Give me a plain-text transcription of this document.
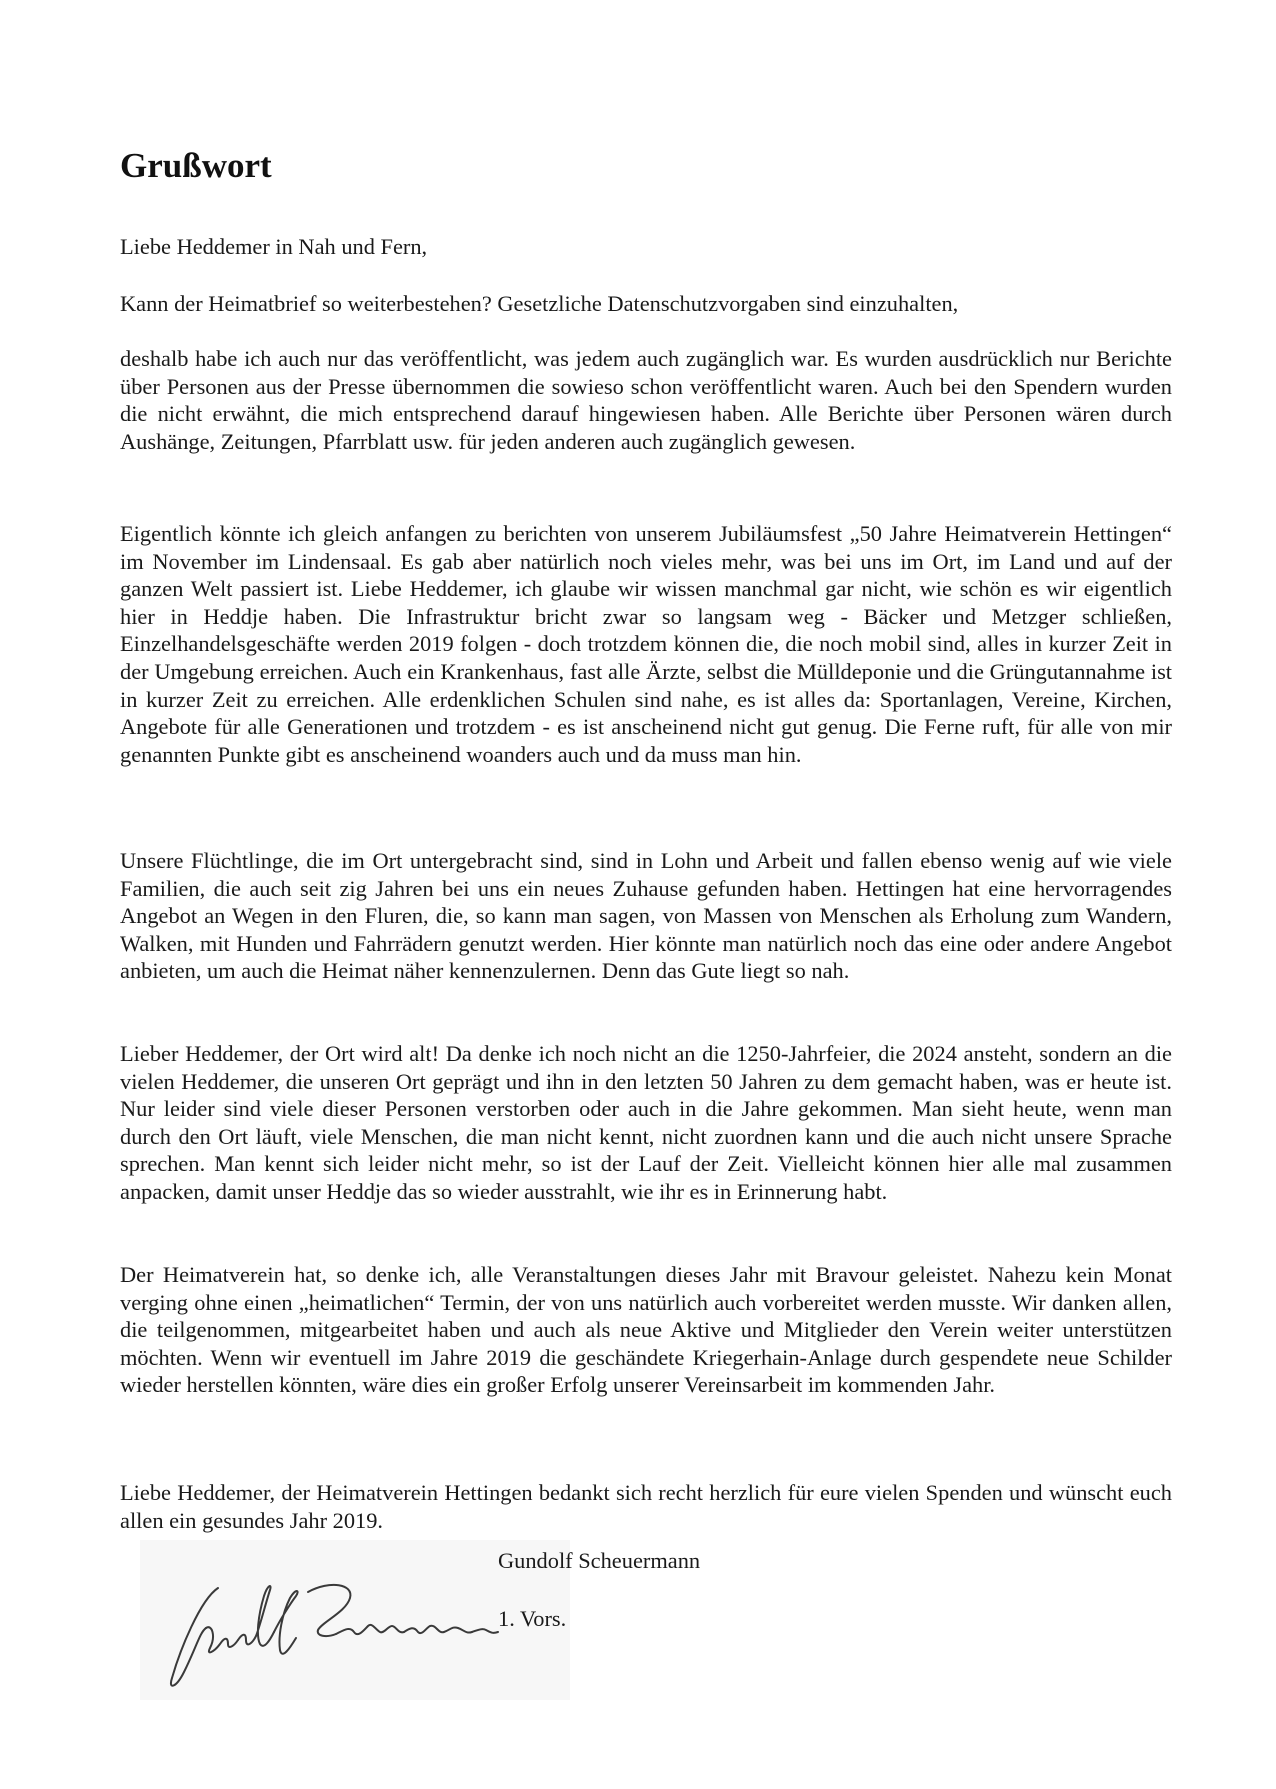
Grußwort

Liebe Heddemer in Nah und Fern,

Kann der Heimatbrief so weiterbestehen? Gesetzliche Datenschutzvorgaben sind einzuhalten,

deshalb habe ich auch nur das veröffentlicht, was jedem auch zugänglich war. Es wurden ausdrücklich nur Berichte über Personen aus der Presse übernommen die sowieso schon veröffentlicht waren. Auch bei den Spendern wurden die nicht erwähnt, die mich entsprechend darauf hingewiesen haben. Alle Berichte über Personen wären durch Aushänge, Zeitungen, Pfarrblatt usw. für jeden anderen auch zugänglich gewesen.

Eigentlich könnte ich gleich anfangen zu berichten von unserem Jubiläumsfest „50 Jahre Heimatverein Hettingen“ im November im Lindensaal. Es gab aber natürlich noch vieles mehr, was bei uns im Ort, im Land und auf der ganzen Welt passiert ist. Liebe Heddemer, ich glaube wir wissen manchmal gar nicht, wie schön es wir eigentlich hier in Heddje haben. Die Infrastruktur bricht zwar so langsam weg - Bäcker und Metzger schließen, Einzelhandelsgeschäfte werden 2019 folgen - doch trotzdem können die, die noch mobil sind, alles in kurzer Zeit in der Umgebung erreichen. Auch ein Krankenhaus, fast alle Ärzte, selbst die Mülldeponie und die Grüngutannahme ist in kurzer Zeit zu erreichen. Alle erdenklichen Schulen sind nahe, es ist alles da: Sportanlagen, Vereine, Kirchen, Angebote für alle Generationen und trotzdem - es ist anscheinend nicht gut genug. Die Ferne ruft, für alle von mir genannten Punkte gibt es anscheinend woanders auch und da muss man hin.

Unsere Flüchtlinge, die im Ort untergebracht sind, sind in Lohn und Arbeit und fallen ebenso wenig auf wie viele Familien, die auch seit zig Jahren bei uns ein neues Zuhause gefunden haben. Hettingen hat eine hervorragendes Angebot an Wegen in den Fluren, die, so kann man sagen, von Massen von Menschen als Erholung zum Wandern, Walken, mit Hunden und Fahrrädern genutzt werden. Hier könnte man natürlich noch das eine oder andere Angebot anbieten, um auch die Heimat näher kennenzulernen. Denn das Gute liegt so nah.

Lieber Heddemer, der Ort wird alt! Da denke ich noch nicht an die 1250-Jahrfeier, die 2024 ansteht, sondern an die vielen Heddemer, die unseren Ort geprägt und ihn in den letzten 50 Jahren zu dem gemacht haben, was er heute ist. Nur leider sind viele dieser Personen verstorben oder auch in die Jahre gekommen. Man sieht heute, wenn man durch den Ort läuft, viele Menschen, die man nicht kennt, nicht zuordnen kann und die auch nicht unsere Sprache sprechen. Man kennt sich leider nicht mehr, so ist der Lauf der Zeit. Vielleicht können hier alle mal zusammen anpacken, damit unser Heddje das so wieder ausstrahlt, wie ihr es in Erinnerung habt.

Der Heimatverein hat, so denke ich, alle Veranstaltungen dieses Jahr mit Bravour geleistet. Nahezu kein Monat verging ohne einen „heimatlichen“ Termin, der von uns natürlich auch vorbereitet werden musste. Wir danken allen, die teilgenommen, mitgearbeitet haben und auch als neue Aktive und Mitglieder den Verein weiter unterstützen möchten. Wenn wir eventuell im Jahre 2019 die geschändete Kriegerhain-Anlage durch gespendete neue Schilder wieder herstellen könnten, wäre dies ein großer Erfolg unserer Vereinsarbeit im kommenden Jahr.

Liebe Heddemer, der Heimatverein Hettingen bedankt sich recht herzlich für eure vielen Spenden und wünscht euch allen ein gesundes Jahr 2019.

Gundolf Scheuermann

1. Vors.
